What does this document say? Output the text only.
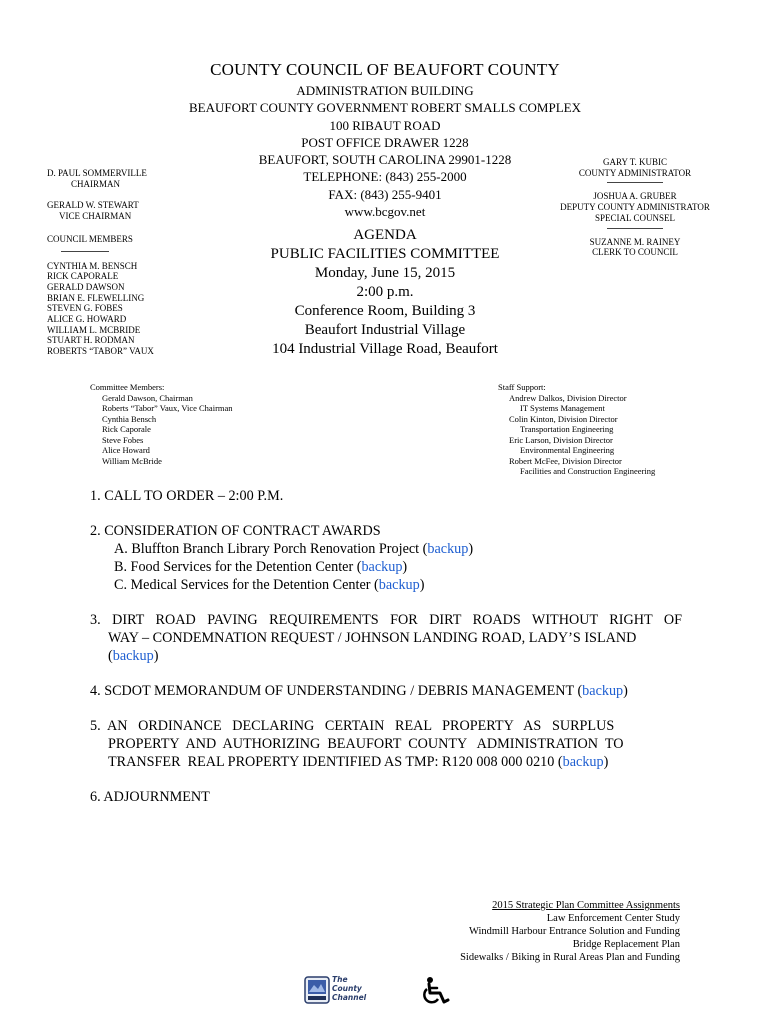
COUNTY COUNCIL OF BEAUFORT COUNTY
ADMINISTRATION BUILDING
BEAUFORT COUNTY GOVERNMENT ROBERT SMALLS COMPLEX
100 RIBAUT ROAD
POST OFFICE DRAWER 1228
BEAUFORT, SOUTH CAROLINA 29901-1228
TELEPHONE: (843) 255-2000
FAX: (843) 255-9401
www.bcgov.net
D. PAUL SOMMERVILLE
CHAIRMAN
GERALD W. STEWART
VICE CHAIRMAN
COUNCIL MEMBERS
CYNTHIA M. BENSCH
RICK CAPORALE
GERALD DAWSON
BRIAN E. FLEWELLING
STEVEN G. FOBES
ALICE G. HOWARD
WILLIAM L. MCBRIDE
STUART H. RODMAN
ROBERTS “TABOR” VAUX
GARY T. KUBIC
COUNTY ADMINISTRATOR
JOSHUA A. GRUBER
DEPUTY COUNTY ADMINISTRATOR
SPECIAL COUNSEL
SUZANNE M. RAINEY
CLERK TO COUNCIL
AGENDA
PUBLIC FACILITIES COMMITTEE
Monday, June 15, 2015
2:00 p.m.
Conference Room, Building 3
Beaufort Industrial Village
104 Industrial Village Road, Beaufort
Committee Members:
Gerald Dawson, Chairman
Roberts “Tabor” Vaux, Vice Chairman
Cynthia Bensch
Rick Caporale
Steve Fobes
Alice Howard
William McBride
Staff Support:
Andrew Dalkos, Division Director
IT Systems Management
Colin Kinton, Division Director
Transportation Engineering
Eric Larson, Division Director
Environmental Engineering
Robert McFee, Division Director
Facilities and Construction Engineering
1. CALL TO ORDER – 2:00 P.M.
2. CONSIDERATION OF CONTRACT AWARDS
A. Bluffton Branch Library Porch Renovation Project (backup)
B. Food Services for the Detention Center (backup)
C. Medical Services for the Detention Center (backup)
3.  DIRT  ROAD  PAVING  REQUIREMENTS  FOR  DIRT  ROADS  WITHOUT  RIGHT  OF
WAY – CONDEMNATION REQUEST / JOHNSON LANDING ROAD, LADY’S ISLAND
(backup)
4. SCDOT MEMORANDUM OF UNDERSTANDING / DEBRIS MANAGEMENT (backup)
5.  AN   ORDINANCE   DECLARING   CERTAIN   REAL   PROPERTY   AS   SURPLUS
PROPERTY  AND  AUTHORIZING  BEAUFORT  COUNTY   ADMINISTRATION  TO
TRANSFER  REAL PROPERTY IDENTIFIED AS TMP: R120 008 000 0210 (backup)
6. ADJOURNMENT
2015 Strategic Plan Committee Assignments
Law Enforcement Center Study
Windmill Harbour Entrance Solution and Funding
Bridge Replacement Plan
Sidewalks / Biking in Rural Areas Plan and Funding
The
County
Channel
